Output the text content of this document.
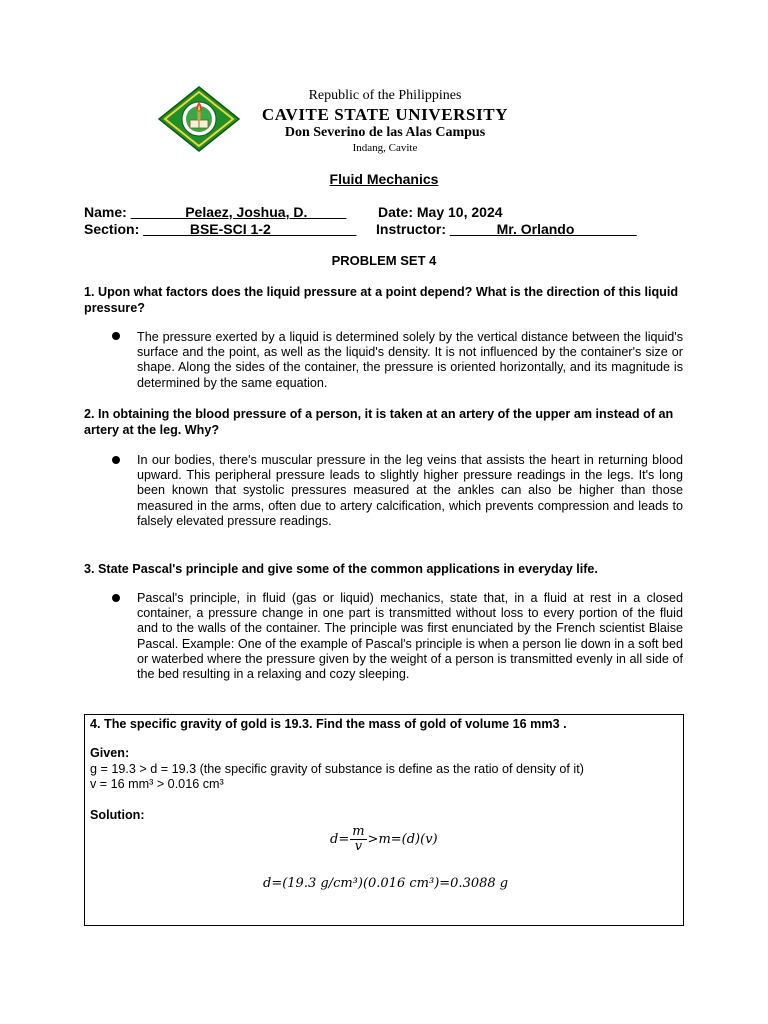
Republic of the Philippines
CAVITE STATE UNIVERSITY
Don Severino de las Alas Campus
Indang, Cavite
Fluid Mechanics
Name: _______Pelaez, Joshua, D._____ Date: May 10, 2024
Section: ______BSE-SCI 1-2___________ Instructor: ______Mr. Orlando________
PROBLEM SET 4
1. Upon what factors does the liquid pressure at a point depend? What is the direction of this liquid pressure?
The pressure exerted by a liquid is determined solely by the vertical distance between the liquid's surface and the point, as well as the liquid's density. It is not influenced by the container's size or shape. Along the sides of the container, the pressure is oriented horizontally, and its magnitude is determined by the same equation.
2. In obtaining the blood pressure of a person, it is taken at an artery of the upper am instead of an artery at the leg. Why?
In our bodies, there's muscular pressure in the leg veins that assists the heart in returning blood upward. This peripheral pressure leads to slightly higher pressure readings in the legs. It's long been known that systolic pressures measured at the ankles can also be higher than those measured in the arms, often due to artery calcification, which prevents compression and leads to falsely elevated pressure readings.
3. State Pascal's principle and give some of the common applications in everyday life.
Pascal's principle, in fluid (gas or liquid) mechanics, state that, in a fluid at rest in a closed container, a pressure change in one part is transmitted without loss to every portion of the fluid and to the walls of the container. The principle was first enunciated by the French scientist Blaise Pascal. Example: One of the example of Pascal's principle is when a person lie down in a soft bed or waterbed where the pressure given by the weight of a person is transmitted evenly in all side of the bed resulting in a relaxing and cozy sleeping.
4. The specific gravity of gold is 19.3. Find the mass of gold of volume 16 mm3 .
Given:
g = 19.3 > d = 19.3 (the specific gravity of substance is define as the ratio of density of it)
v = 16 mm³ > 0.016 cm³
Solution:
$d= \frac{m}{v} >m=(d)(v)$
d=(19.3 g/cm³)(0.016 cm³)=0.3088 g
